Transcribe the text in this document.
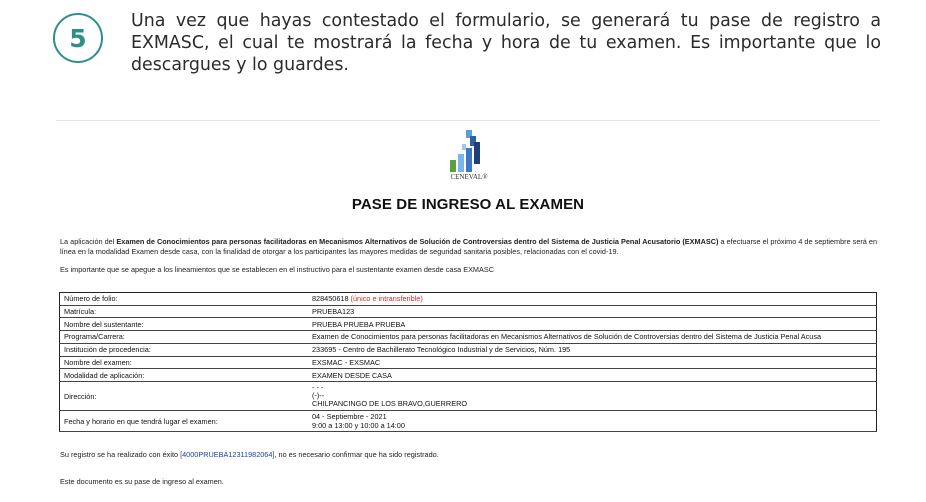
5
Una vez que hayas contestado el formulario, se generará tu pase de registro a EXMASC, el cual te mostrará la fecha y hora de tu examen. Es importante que lo descargues y lo guardes.
CENEVAL®
PASE DE INGRESO AL EXAMEN
La aplicación del Examen de Conocimientos para personas facilitadoras en Mecanismos Alternativos de Solución de Controversias dentro del Sistema de Justicia Penal Acusatorio (EXMASC) a efectuarse el próximo 4 de septiembre será en línea en la modalidad Examen desde casa, con la finalidad de otorgar a los participantes las mayores medidas de seguridad sanitaria posibles, relacionadas con el covid-19.
Es importante que se apegue a los lineamientos que se establecen en el instructivo para el sustentante examen desde casa EXMASC
Número de folio:	828450618 (único e intransferible)
Matrícula:	PRUEBA123
Nombre del sustentante:	PRUEBA PRUEBA PRUEBA
Programa/Carrera:	Examen de Conocimientos para personas facilitadoras en Mecanismos Alternativos de Solución de Controversias dentro del Sistema de Justicia Penal Acusa
Institución de procedencia:	233695 - Centro de Bachillerato Tecnológico Industrial y de Servicios, Núm. 195
Nombre del examen:	EXSMAC - EXSMAC
Modalidad de aplicación:	EXAMEN DESDE CASA
Dirección:	- - -
(-)--
CHILPANCINGO DE LOS BRAVO,GUERRERO

Fecha y horario en que tendrá lugar el examen:	04 - Septiembre - 2021
9:00 a 13:00 y 10:00 a 14:00
Su registro se ha realizado con éxito [4000PRUEBA12311982064], no es necesario confirmar que ha sido registrado.
Este documento es su pase de ingreso al examen.
